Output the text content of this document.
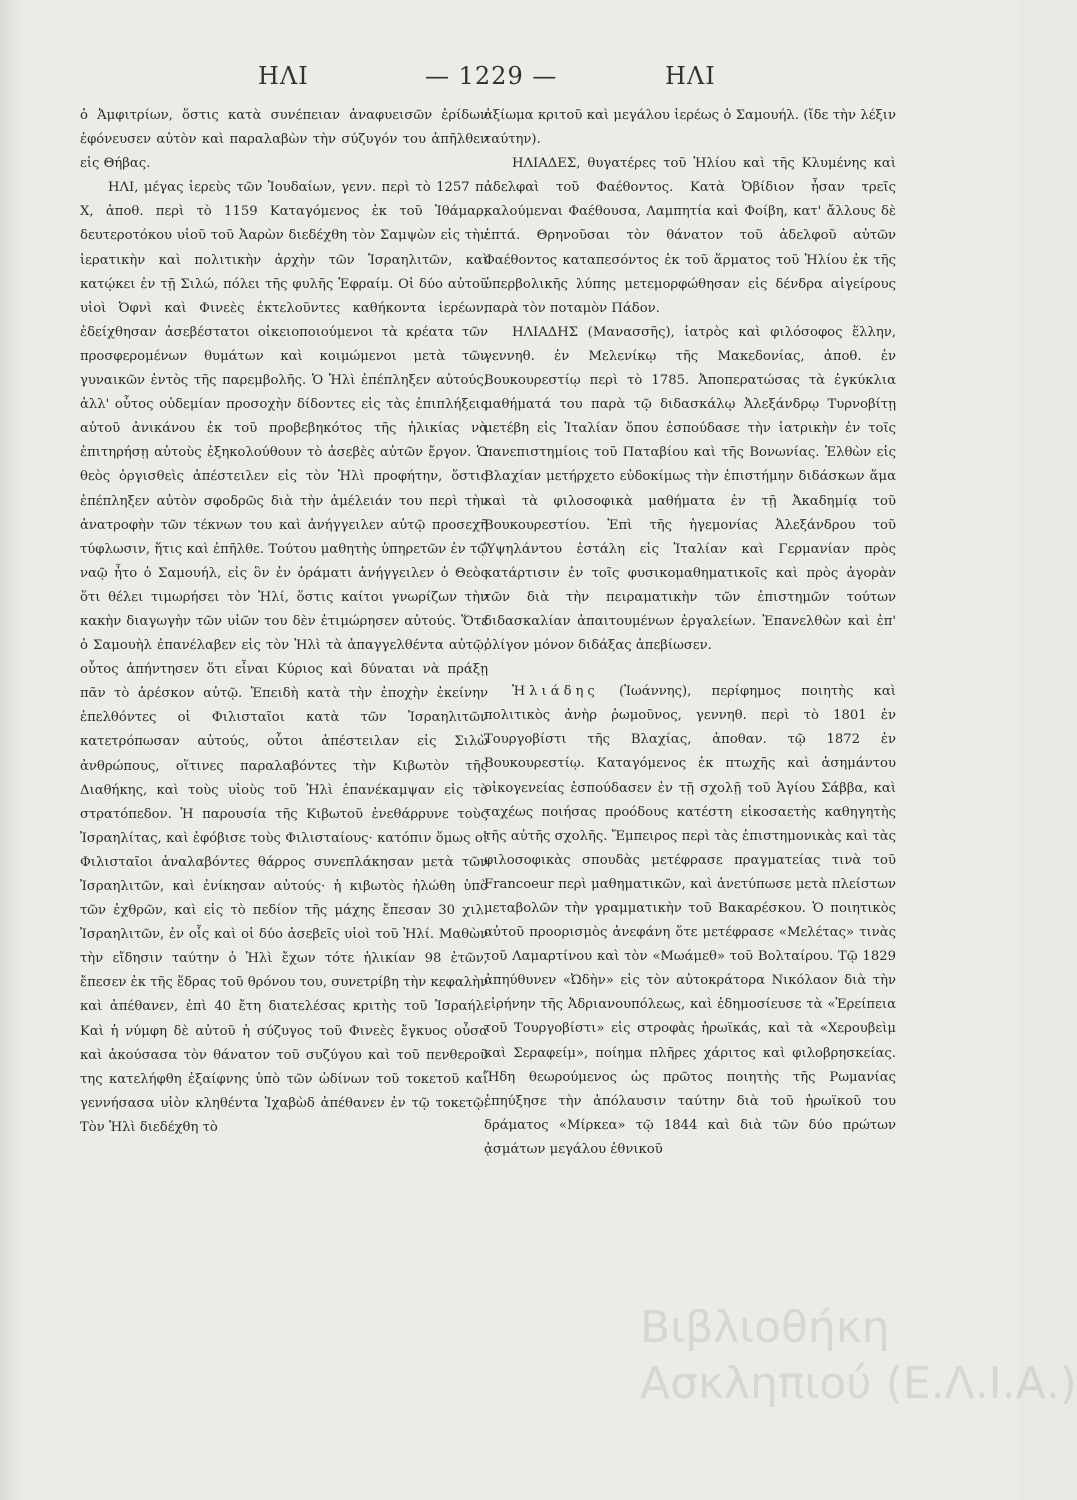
ΗΛΙ	— 1229 —	ΗΛΙ

ὁ Ἀμφιτρίων, ὅστις κατὰ συνέπειαν ἀναφυεισῶν ἐρίδων ἐφόνευσεν αὐτὸν καὶ παραλαβὼν τὴν σύζυγόν του ἀπῆλθεν εἰς Θήβας.

ΗΛΙ, μέγας ἱερεὺς τῶν Ἰουδαίων, γενν. περὶ τὸ 1257 π. Χ, ἀποθ. περὶ τὸ 1159 Καταγόμενος ἐκ τοῦ Ἰθάμαρ, δευτεροτόκου υἱοῦ τοῦ Ἀαρὼν διεδέχθη τὸν Σαμψὼν εἰς τὴν ἱερατικὴν καὶ πολιτικὴν ἀρχὴν τῶν Ἰσραηλιτῶν, καὶ κατῴκει ἐν τῇ Σιλώ, πόλει τῆς φυλῆς Ἐφραίμ. Οἱ δύο αὐτοῦ υἱοὶ Ὀφνὶ καὶ Φινεὲς ἐκτελοῦντες καθήκοντα ἱερέων, ἐδείχθησαν ἀσεβέστατοι οἰκειοποιούμενοι τὰ κρέατα τῶν προσφερομένων θυμάτων καὶ κοιμώμενοι μετὰ τῶν γυναικῶν ἐντὸς τῆς παρεμβολῆς. Ὁ Ἠλὶ ἐπέπληξεν αὐτούς, ἀλλ' οὗτος οὐδεμίαν προσοχὴν δίδοντες εἰς τὰς ἐπιπλήξεις αὐτοῦ ἀνικάνου ἐκ τοῦ προβεβηκότος τῆς ἡλικίας νὰ ἐπιτηρήσῃ αὐτοὺς ἐξηκολούθουν τὸ ἀσεβὲς αὐτῶν ἔργον. Ὁ θεὸς ὀργισθεὶς ἀπέστειλεν εἰς τὸν Ἠλὶ προφήτην, ὅστις ἐπέπληξεν αὐτὸν σφοδρῶς διὰ τὴν ἀμέλειάν του περὶ τὴν ἀνατροφὴν τῶν τέκνων του καὶ ἀνήγγειλεν αὐτῷ προσεχῆ τύφλωσιν, ἥτις καὶ ἐπῆλθε. Τούτου μαθητὴς ὑπηρετῶν ἐν τῷ ναῷ ἦτο ὁ Σαμουήλ, εἰς ὃν ἐν ὁράματι ἀνήγγειλεν ὁ Θεὸς ὅτι θέλει τιμωρήσει τὸν Ἠλί, ὅστις καίτοι γνωρίζων τὴν κακὴν διαγωγὴν τῶν υἱῶν του δὲν ἐτιμώρησεν αὐτούς. Ὅτε ὁ Σαμουὴλ ἐπανέλαβεν εἰς τὸν Ἠλὶ τὰ ἀπαγγελθέντα αὐτῷ, οὗτος ἀπήντησεν ὅτι εἶναι Κύριος καὶ δύναται νὰ πράξῃ πᾶν τὸ ἀρέσκον αὐτῷ. Ἐπειδὴ κατὰ τὴν ἐποχὴν ἐκείνην ἐπελθόντες οἱ Φιλισταῖοι κατὰ τῶν Ἰσραηλιτῶν κατετρόπωσαν αὐτούς, οὗτοι ἀπέστειλαν εἰς Σιλὼ ἀνθρώπους, οἵτινες παραλαβόντες τὴν Κιβωτὸν τῆς Διαθήκης, καὶ τοὺς υἱοὺς τοῦ Ἠλὶ ἐπανέκαμψαν εἰς τὸ στρατόπεδον. Ἡ παρουσία τῆς Κιβωτοῦ ἐνεθάρρυνε τοὺς Ἰσραηλίτας, καὶ ἐφόβισε τοὺς Φιλισταίους· κατόπιν ὅμως οἱ Φιλισταῖοι ἀναλαβόντες θάρρος συνεπλάκησαν μετὰ τῶν Ἰσραηλιτῶν, καὶ ἐνίκησαν αὐτούς· ἡ κιβωτὸς ἠλώθη ὑπὸ τῶν ἐχθρῶν, καὶ εἰς τὸ πεδίον τῆς μάχης ἔπεσαν 30 χιλ. Ἰσραηλιτῶν, ἐν οἷς καὶ οἱ δύο ἀσεβεῖς υἱοὶ τοῦ Ἠλί. Μαθὼν τὴν εἴδησιν ταύτην ὁ Ἠλὶ ἔχων τότε ἡλικίαν 98 ἐτῶν, ἔπεσεν ἐκ τῆς ἕδρας τοῦ θρόνου του, συνετρίβη τὴν κεφαλὴν καὶ ἀπέθανεν, ἐπὶ 40 ἔτη διατελέσας κριτὴς τοῦ Ἰσραήλ. Καὶ ἡ νύμφη δὲ αὐτοῦ ἡ σύζυγος τοῦ Φινεὲς ἔγκυος οὖσα καὶ ἀκούσασα τὸν θάνατον τοῦ συζύγου καὶ τοῦ πενθεροῦ της κατελήφθη ἐξαίφνης ὑπὸ τῶν ὠδίνων τοῦ τοκετοῦ καὶ γεννήσασα υἱὸν κληθέντα Ἰχαβὼδ ἀπέθανεν ἐν τῷ τοκετῷ. Τὸν Ἠλὶ διεδέχθη τὸ

ἀξίωμα κριτοῦ καὶ μεγάλου ἱερέως ὁ Σαμουήλ. (ἴδε τὴν λέξιν ταύτην).

ΗΛΙΑΔΕΣ, θυγατέρες τοῦ Ἡλίου καὶ τῆς Κλυμένης καὶ ἀδελφαὶ τοῦ Φαέθοντος. Κατὰ Ὀβίδιον ἦσαν τρεῖς καλούμεναι Φαέθουσα, Λαμπητία καὶ Φοίβη, κατ' ἄλλους δὲ ἑπτά. Θρηνοῦσαι τὸν θάνατον τοῦ ἀδελφοῦ αὐτῶν Φαέθοντος καταπεσόντος ἐκ τοῦ ἅρματος τοῦ Ἡλίου ἐκ τῆς ὑπερβολικῆς λύπης μετεμορφώθησαν εἰς δένδρα αἰγείρους παρὰ τὸν ποταμὸν Πάδον.

ΗΛΙΑΔΗΣ (Μανασσῆς), ἰατρὸς καὶ φιλόσοφος ἕλλην, γεννηθ. ἐν Μελενίκῳ τῆς Μακεδονίας, ἀποθ. ἐν Βουκουρεστίῳ περὶ τὸ 1785. Ἀποπερατώσας τὰ ἐγκύκλια μαθήματά του παρὰ τῷ διδασκάλῳ Ἀλεξάνδρῳ Τυρνοβίτῃ μετέβη εἰς Ἰταλίαν ὅπου ἐσπούδασε τὴν ἰατρικὴν ἐν τοῖς πανεπιστημίοις τοῦ Παταβίου καὶ τῆς Βονωνίας. Ἐλθὼν εἰς Βλαχίαν μετήρχετο εὐδοκίμως τὴν ἐπιστήμην διδάσκων ἅμα καὶ τὰ φιλοσοφικὰ μαθήματα ἐν τῇ Ἀκαδημίᾳ τοῦ Βουκουρεστίου. Ἐπὶ τῆς ἡγεμονίας Ἀλεξάνδρου τοῦ Ὑψηλάντου ἐστάλη εἰς Ἰταλίαν καὶ Γερμανίαν πρὸς κατάρτισιν ἐν τοῖς φυσικομαθηματικοῖς καὶ πρὸς ἀγορὰν τῶν διὰ τὴν πειραματικὴν τῶν ἐπιστημῶν τούτων διδασκαλίαν ἀπαιτουμένων ἐργαλείων. Ἐπανελθὼν καὶ ἐπ' ὀλίγον μόνον διδάξας ἀπεβίωσεν.

Ἠλιάδης (Ἰωάννης), περίφημος ποιητὴς καὶ πολιτικὸς ἀνὴρ ῥωμοῦνος, γεννηθ. περὶ τὸ 1801 ἐν Τουργοβίστι τῆς Βλαχίας, ἀποθαν. τῷ 1872 ἐν Βουκουρεστίῳ. Καταγόμενος ἐκ πτωχῆς καὶ ἀσημάντου οἰκογενείας ἐσπούδασεν ἐν τῇ σχολῇ τοῦ Ἁγίου Σάββα, καὶ ταχέως ποιήσας προόδους κατέστη εἰκοσαετὴς καθηγητὴς τῆς αὐτῆς σχολῆς. Ἔμπειρος περὶ τὰς ἐπιστημονικὰς καὶ τὰς φιλοσοφικὰς σπουδὰς μετέφρασε πραγματείας τινὰ τοῦ Francoeur περὶ μαθηματικῶν, καὶ ἀνετύπωσε μετὰ πλείστων μεταβολῶν τὴν γραμματικὴν τοῦ Βακαρέσκου. Ὁ ποιητικὸς αὐτοῦ προορισμὸς ἀνεφάνη ὅτε μετέφρασε «Μελέτας» τινὰς τοῦ Λαμαρτίνου καὶ τὸν «Μωάμεθ» τοῦ Βολταίρου. Τῷ 1829 ἀπηύθυνεν «Ὠδὴν» εἰς τὸν αὐτοκράτορα Νικόλαον διὰ τὴν εἰρήνην τῆς Ἀδριανουπόλεως, καὶ ἐδημοσίευσε τὰ «Ἐρείπεια τοῦ Τουργοβίστι» εἰς στροφὰς ἡρωϊκάς, καὶ τὰ «Χερουβεὶμ καὶ Σεραφείμ», ποίημα πλῆρες χάριτος καὶ φιλοβρησκείας. Ἤδη θεωρούμενος ὡς πρῶτος ποιητὴς τῆς Ρωμανίας ἐπηύξησε τὴν ἀπόλαυσιν ταύτην διὰ τοῦ ἡρωϊκοῦ του δράματος «Μίρκεα» τῷ 1844 καὶ διὰ τῶν δύο πρώτων ᾀσμάτων μεγάλου ἐθνικοῦ

Βιβλιοθήκη
Ασκληπιού (Ε.Λ.Ι.Α.)
